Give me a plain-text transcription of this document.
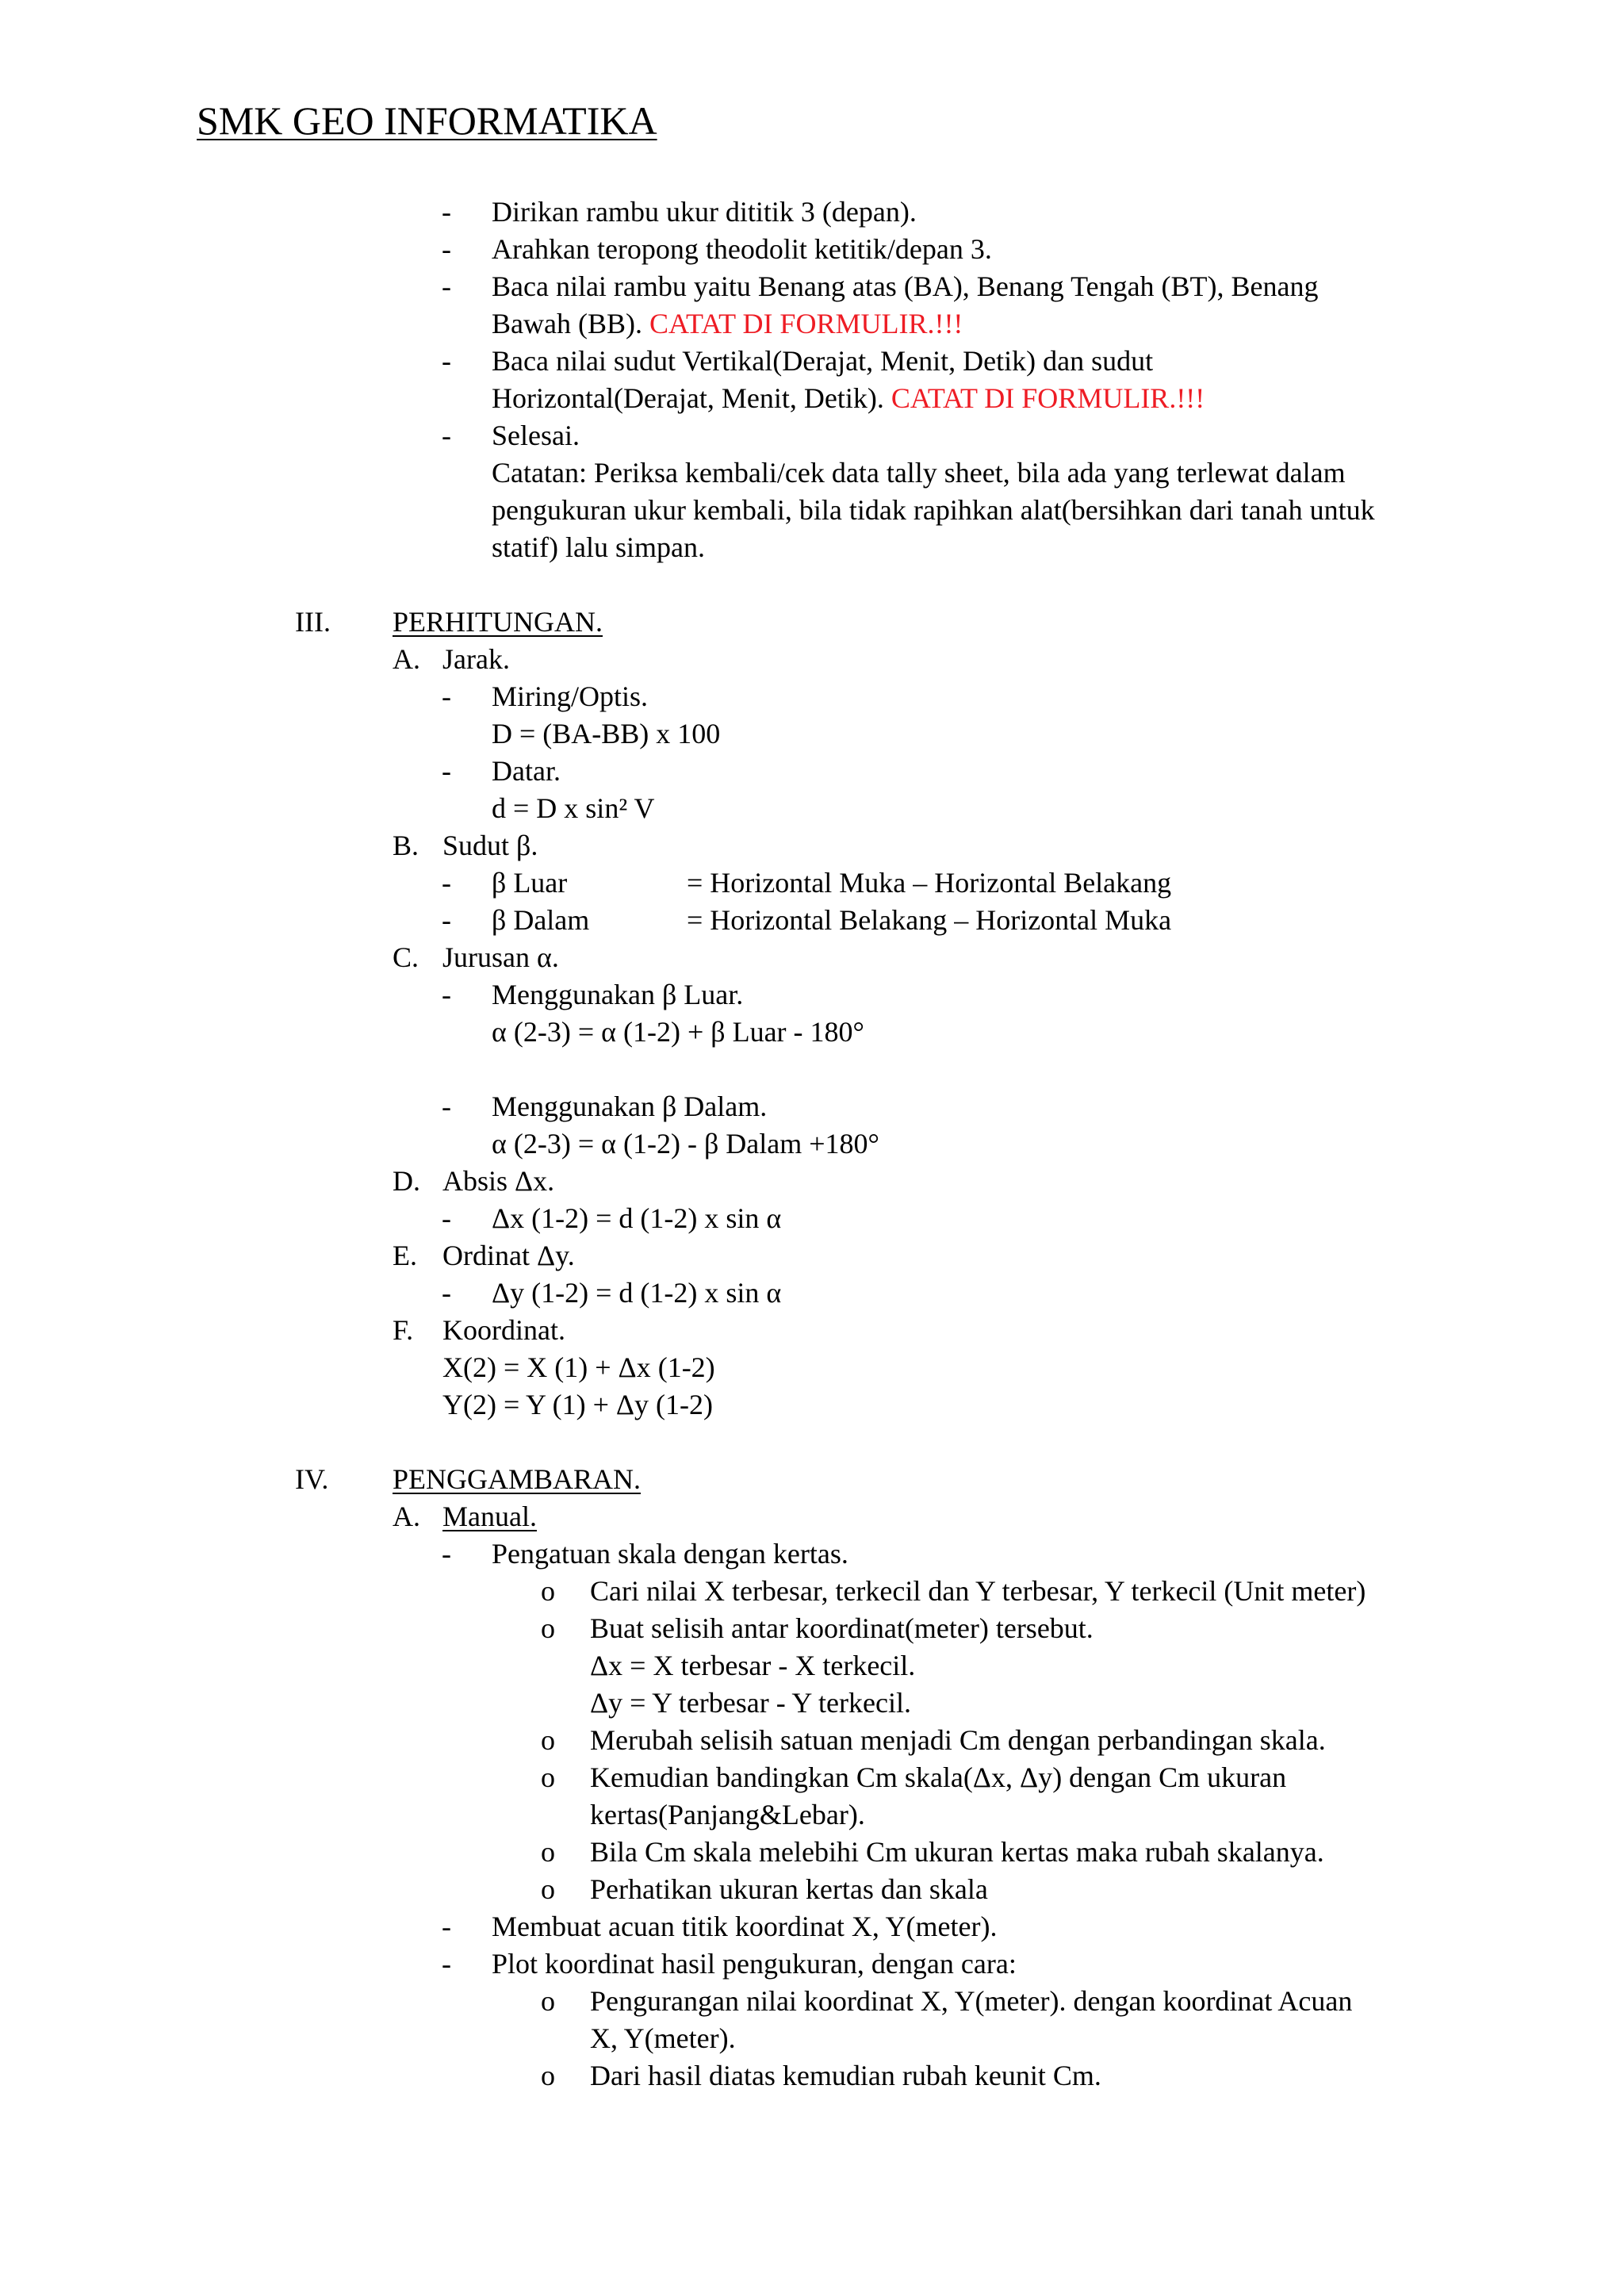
SMK GEO INFORMATIKA
- Dirikan rambu ukur dititik 3 (depan).
- Arahkan teropong theodolit ketitik/depan 3.
- Baca nilai rambu yaitu Benang atas (BA), Benang Tengah (BT), Benang
Bawah (BB). CATAT DI FORMULIR.!!!
- Baca nilai sudut Vertikal(Derajat, Menit, Detik) dan sudut
Horizontal(Derajat, Menit, Detik). CATAT DI FORMULIR.!!!
- Selesai.
Catatan: Periksa kembali/cek data tally sheet, bila ada yang terlewat dalam
pengukuran ukur kembali, bila tidak rapihkan alat(bersihkan dari tanah untuk
statif) lalu simpan.
III. PERHITUNGAN.
A. Jarak.
- Miring/Optis.
D = (BA-BB) x 100
- Datar.
d = D x sin² V
B. Sudut β.
- β Luar	= Horizontal Muka – Horizontal Belakang
- β Dalam	= Horizontal Belakang – Horizontal Muka
C. Jurusan α.
- Menggunakan β Luar.
α (2-3) = α (1-2) + β Luar - 180°
- Menggunakan β Dalam.
α (2-3) = α (1-2) - β Dalam +180°
D. Absis Δx.
- Δx (1-2) = d (1-2) x sin α
E. Ordinat Δy.
- Δy (1-2) = d (1-2) x sin α
F. Koordinat.
X(2) = X (1) + Δx (1-2)
Y(2) = Y (1) + Δy (1-2)
IV. PENGGAMBARAN.
A. Manual.
- Pengatuan skala dengan kertas.
o Cari nilai X terbesar, terkecil dan Y terbesar, Y terkecil (Unit meter)
o Buat selisih antar koordinat(meter) tersebut.
Δx = X terbesar - X terkecil.
Δy = Y terbesar - Y terkecil.
o Merubah selisih satuan menjadi Cm dengan perbandingan skala.
o Kemudian bandingkan Cm skala(Δx, Δy) dengan Cm ukuran
kertas(Panjang&Lebar).
o Bila Cm skala melebihi Cm ukuran kertas maka rubah skalanya.
o Perhatikan ukuran kertas dan skala
- Membuat acuan titik koordinat X, Y(meter).
- Plot koordinat hasil pengukuran, dengan cara:
o Pengurangan nilai koordinat X, Y(meter). dengan koordinat Acuan
X, Y(meter).
o Dari hasil diatas kemudian rubah keunit Cm.
